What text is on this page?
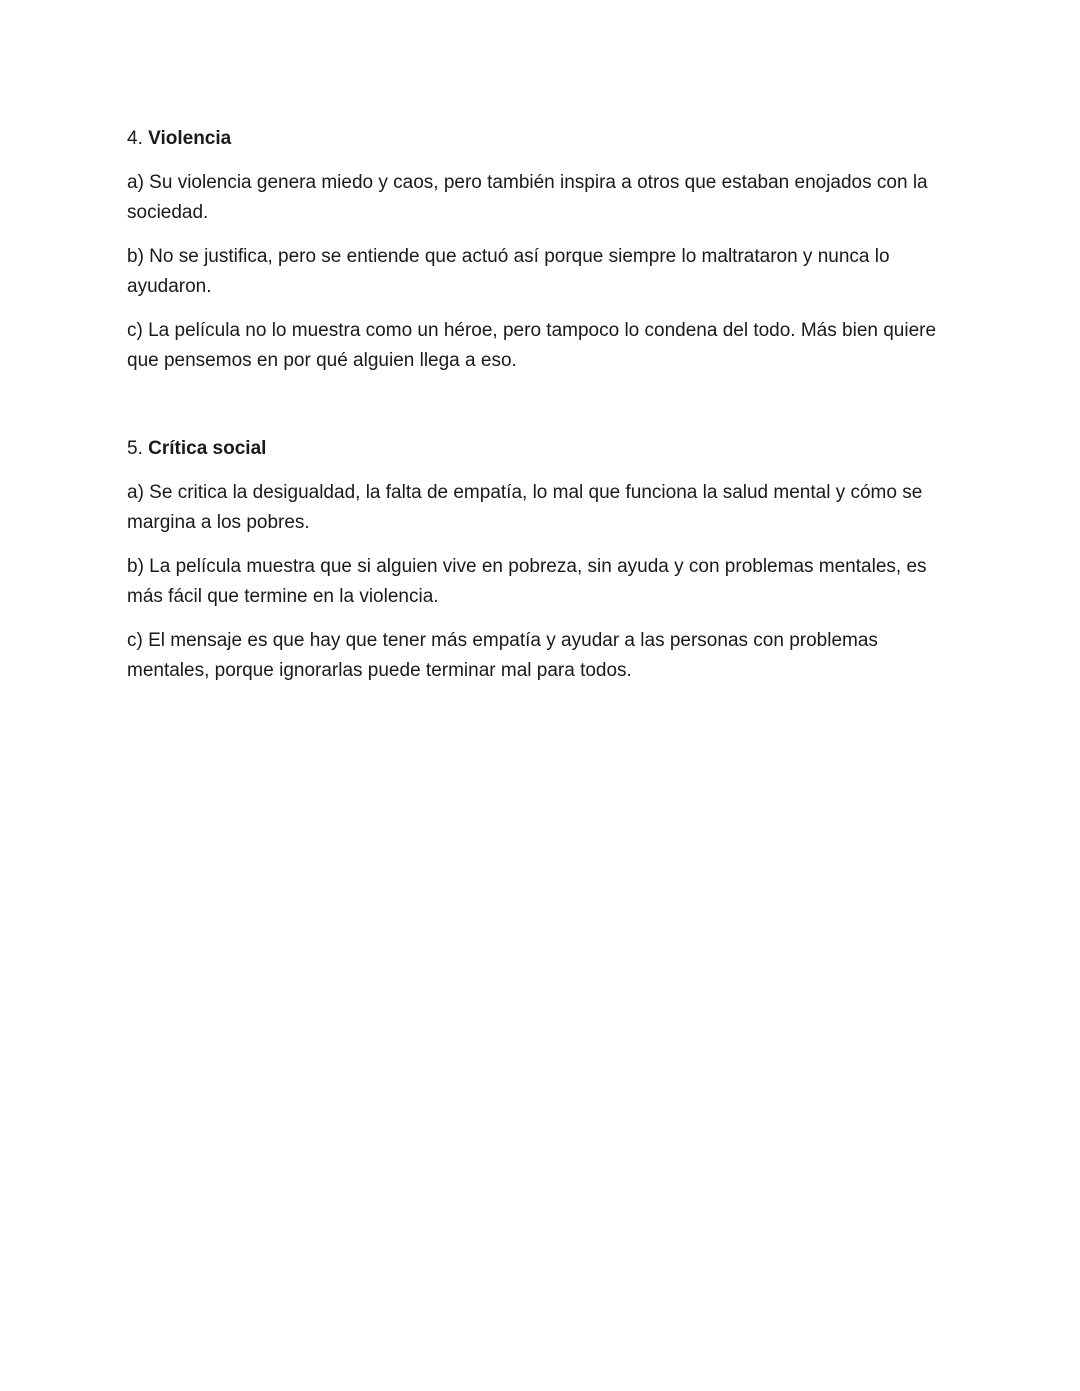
4. Violencia

a) Su violencia genera miedo y caos, pero también inspira a otros que estaban enojados con la sociedad.

b) No se justifica, pero se entiende que actuó así porque siempre lo maltrataron y nunca lo ayudaron.

c) La película no lo muestra como un héroe, pero tampoco lo condena del todo. Más bien quiere que pensemos en por qué alguien llega a eso.

5. Crítica social

a) Se critica la desigualdad, la falta de empatía, lo mal que funciona la salud mental y cómo se margina a los pobres.

b) La película muestra que si alguien vive en pobreza, sin ayuda y con problemas mentales, es más fácil que termine en la violencia.

c) El mensaje es que hay que tener más empatía y ayudar a las personas con problemas mentales, porque ignorarlas puede terminar mal para todos.
